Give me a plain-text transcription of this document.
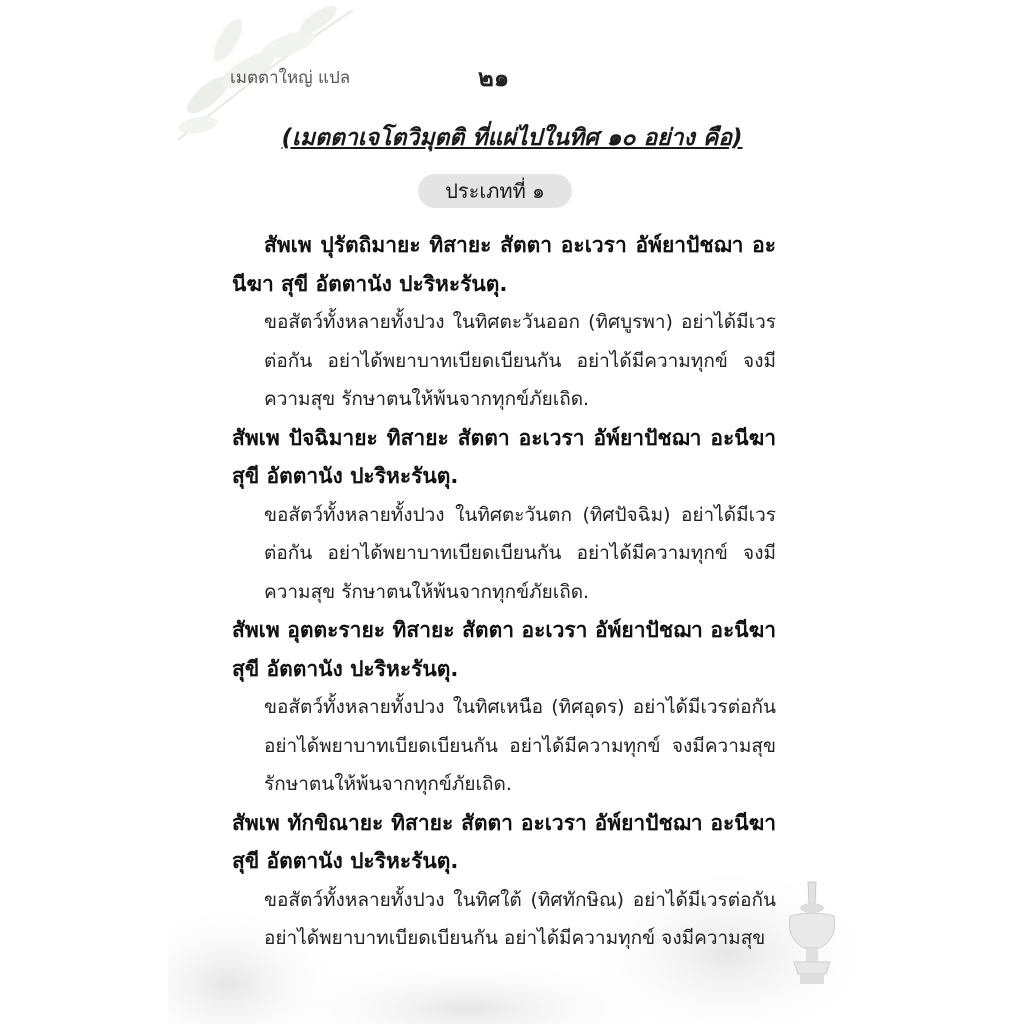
เมตตาใหญ่ แปล	๒๑
(เมตตาเจโตวิมุตติ ที่แผ่ไปในทิศ ๑๐ อย่าง คือ)
ประเภทที่ ๑

สัพเพ ปุรัตถิมายะ ทิสายะ สัตตา อะเวรา อัพ์ยาปัชฌา อะนีฆา สุขี อัตตานัง ปะริหะรันตุ.

ขอสัตว์ทั้งหลายทั้งปวง ในทิศตะวันออก (ทิศบูรพา) อย่าได้มีเวรต่อกัน อย่าได้พยาบาทเบียดเบียนกัน อย่าได้มีความทุกข์ จงมีความสุข รักษาตนให้พ้นจากทุกข์ภัยเถิด.

สัพเพ ปัจฉิมายะ ทิสายะ สัตตา อะเวรา อัพ์ยาปัชฌา อะนีฆา สุขี อัตตานัง ปะริหะรันตุ.

ขอสัตว์ทั้งหลายทั้งปวง ในทิศตะวันตก (ทิศปัจฉิม) อย่าได้มีเวรต่อกัน อย่าได้พยาบาทเบียดเบียนกัน อย่าได้มีความทุกข์ จงมีความสุข รักษาตนให้พ้นจากทุกข์ภัยเถิด.

สัพเพ อุตตะรายะ ทิสายะ สัตตา อะเวรา อัพ์ยาปัชฌา อะนีฆา สุขี อัตตานัง ปะริหะรันตุ.

ขอสัตว์ทั้งหลายทั้งปวง ในทิศเหนือ (ทิศอุดร) อย่าได้มีเวรต่อกัน อย่าได้พยาบาทเบียดเบียนกัน อย่าได้มีความทุกข์ จงมีความสุข รักษาตนให้พ้นจากทุกข์ภัยเถิด.

สัพเพ ทักขิณายะ ทิสายะ สัตตา อะเวรา อัพ์ยาปัชฌา อะนีฆา สุขี อัตตานัง ปะริหะรันตุ.

ขอสัตว์ทั้งหลายทั้งปวง ในทิศใต้ (ทิศทักษิณ) อย่าได้มีเวรต่อกัน อย่าได้พยาบาทเบียดเบียนกัน อย่าได้มีความทุกข์ จงมีความสุข
